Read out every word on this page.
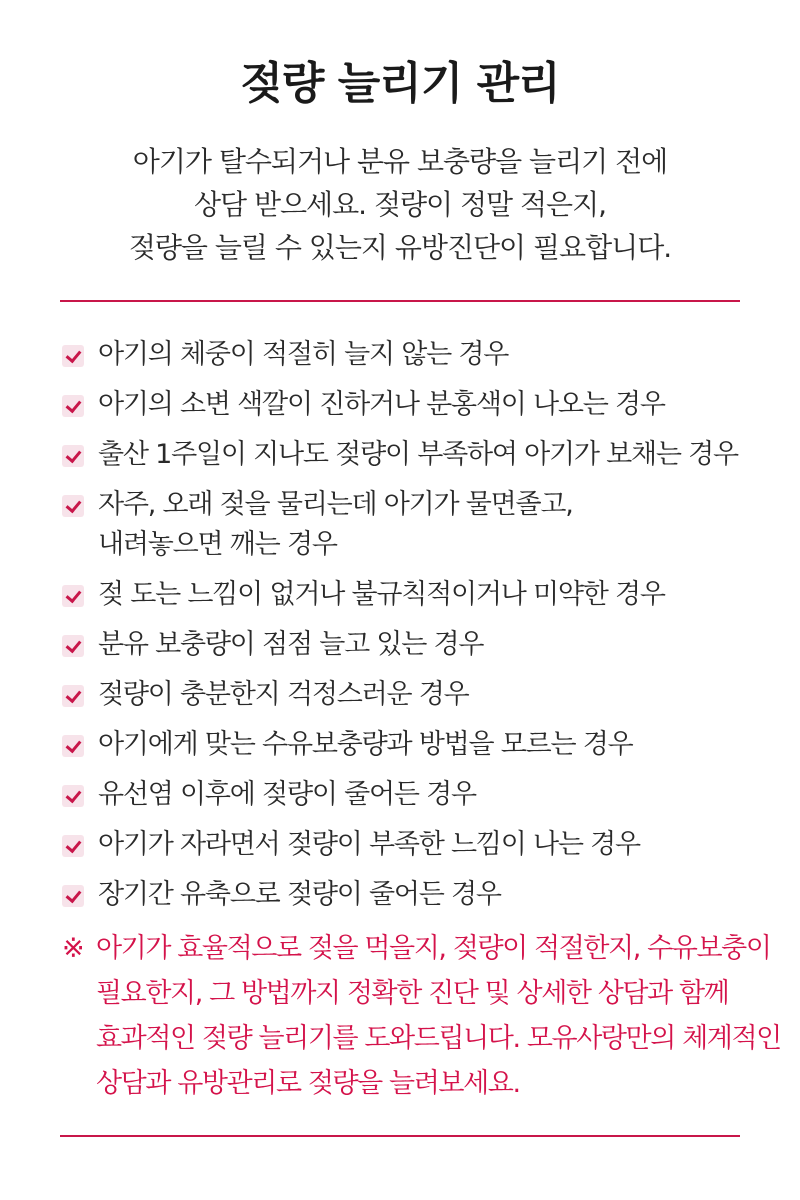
젖량 늘리기 관리
아기가 탈수되거나 분유 보충량을 늘리기 전에
상담 받으세요. 젖량이 정말 적은지,
젖량을 늘릴 수 있는지 유방진단이 필요합니다.
아기의 체중이 적절히 늘지 않는 경우
아기의 소변 색깔이 진하거나 분홍색이 나오는 경우
출산 1주일이 지나도 젖량이 부족하여 아기가 보채는 경우
자주, 오래 젖을 물리는데 아기가 물면졸고,
내려놓으면 깨는 경우
젖 도는 느낌이 없거나 불규칙적이거나 미약한 경우
분유 보충량이 점점 늘고 있는 경우
젖량이 충분한지 걱정스러운 경우
아기에게 맞는 수유보충량과 방법을 모르는 경우
유선염 이후에 젖량이 줄어든 경우
아기가 자라면서 젖량이 부족한 느낌이 나는 경우
장기간 유축으로 젖량이 줄어든 경우
※ 아기가 효율적으로 젖을 먹을지, 젖량이 적절한지, 수유보충이
필요한지, 그 방법까지 정확한 진단 및 상세한 상담과 함께
효과적인 젖량 늘리기를 도와드립니다. 모유사랑만의 체계적인
상담과 유방관리로 젖량을 늘려보세요.
